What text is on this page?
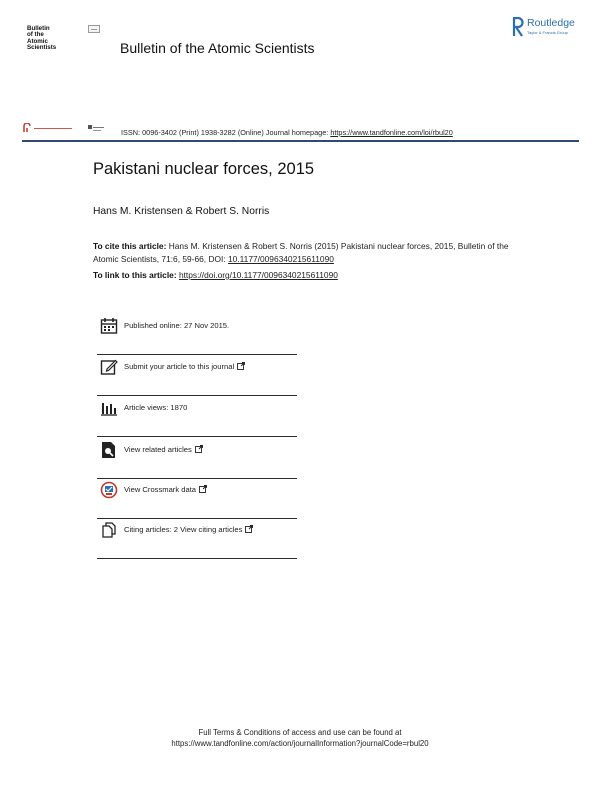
Bulletin
of the
Atomic
Scientists	Bulletin of the Atomic Scientists
Routledge
Taylor & Francis Group
ISSN: 0096-3402 (Print) 1938-3282 (Online) Journal homepage: https://www.tandfonline.com/loi/rbul20
Pakistani nuclear forces, 2015
Hans M. Kristensen & Robert S. Norris
To cite this article: Hans M. Kristensen & Robert S. Norris (2015) Pakistani nuclear forces, 2015, Bulletin of the Atomic Scientists, 71:6, 59-66, DOI: 10.1177/0096340215611090
To link to this article: https://doi.org/10.1177/0096340215611090
Published online: 27 Nov 2015.
Submit your article to this journal
Article views: 1870
View related articles
View Crossmark data
Citing articles: 2 View citing articles
Full Terms & Conditions of access and use can be found at
https://www.tandfonline.com/action/journalInformation?journalCode=rbul20
